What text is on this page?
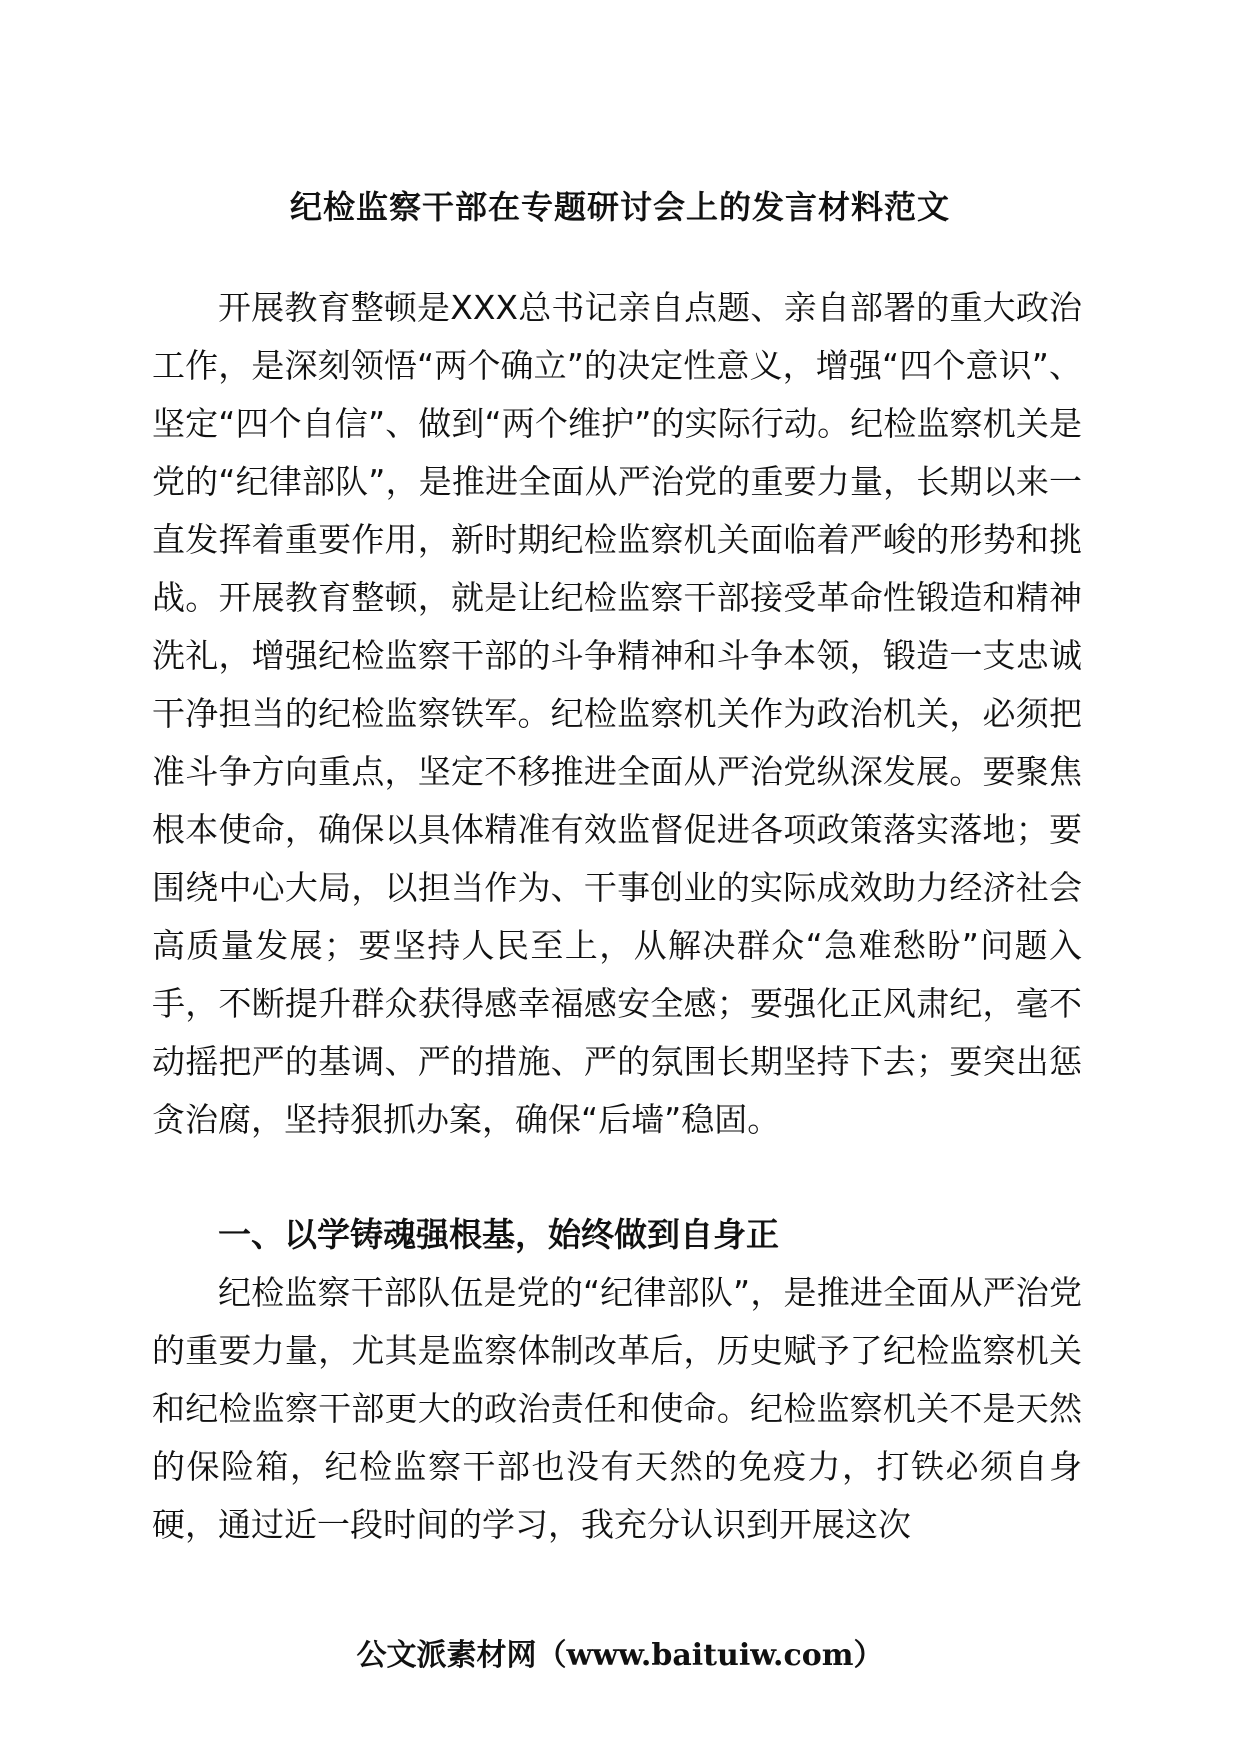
纪检监察干部在专题研讨会上的发言材料范文

开展教育整顿是XXX总书记亲自点题、亲自部署的重大政治工作，是深刻领悟“两个确立”的决定性意义，增强“四个意识”、坚定“四个自信”、做到“两个维护”的实际行动。纪检监察机关是党的“纪律部队”，是推进全面从严治党的重要力量，长期以来一直发挥着重要作用，新时期纪检监察机关面临着严峻的形势和挑战。开展教育整顿，就是让纪检监察干部接受革命性锻造和精神洗礼，增强纪检监察干部的斗争精神和斗争本领，锻造一支忠诚干净担当的纪检监察铁军。纪检监察机关作为政治机关，必须把准斗争方向重点，坚定不移推进全面从严治党纵深发展。要聚焦根本使命，确保以具体精准有效监督促进各项政策落实落地；要围绕中心大局，以担当作为、干事创业的实际成效助力经济社会高质量发展；要坚持人民至上，从解决群众“急难愁盼”问题入手，不断提升群众获得感幸福感安全感；要强化正风肃纪，毫不动摇把严的基调、严的措施、严的氛围长期坚持下去；要突出惩贪治腐，坚持狠抓办案，确保“后墙”稳固。

一、以学铸魂强根基，始终做到自身正

纪检监察干部队伍是党的“纪律部队”，是推进全面从严治党的重要力量，尤其是监察体制改革后，历史赋予了纪检监察机关和纪检监察干部更大的政治责任和使命。纪检监察机关不是天然的保险箱，纪检监察干部也没有天然的免疫力，打铁必须自身硬，通过近一段时间的学习，我充分认识到开展这次

公文派素材网（www.baituiw.com）
